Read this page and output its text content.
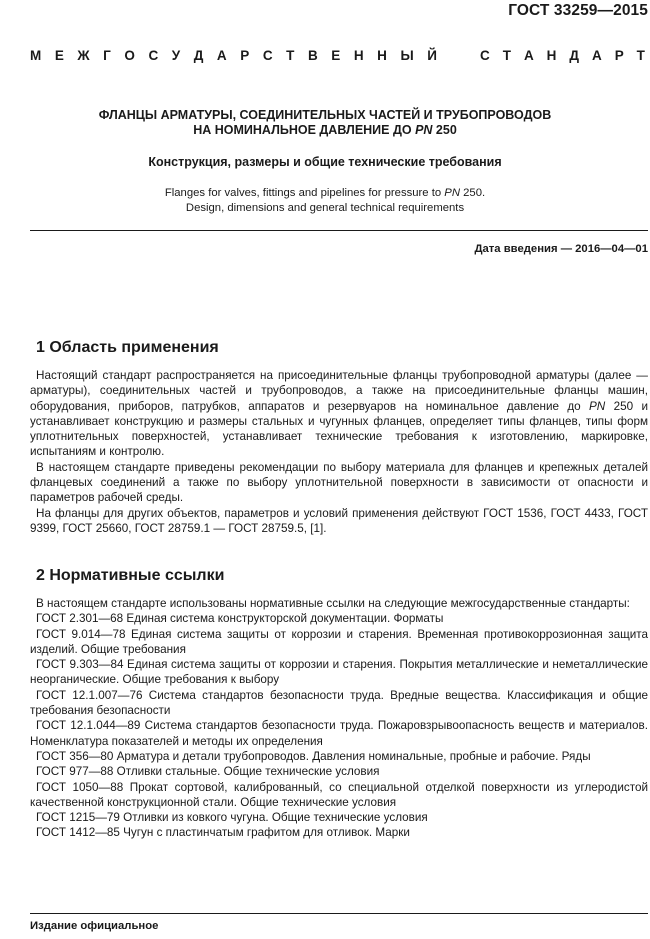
ГОСТ 33259—2015
М Е Ж Г О С У Д А Р С Т В Е Н Н Ы Й	С Т А Н Д А Р Т
ФЛАНЦЫ АРМАТУРЫ, СОЕДИНИТЕЛЬНЫХ ЧАСТЕЙ И ТРУБОПРОВОДОВ
НА НОМИНАЛЬНОЕ ДАВЛЕНИЕ ДО PN 250
Конструкция, размеры и общие технические требования
Flanges for valves, fittings and pipelines for pressure to PN 250.
Design, dimensions and general technical requirements
Дата введения — 2016—04—01
1 Область применения

Настоящий стандарт распространяется на присоединительные фланцы трубопроводной арматуры (далее — арматуры), соединительных частей и трубопроводов, а также на присоединительные фланцы машин, оборудования, приборов, патрубков, аппаратов и резервуаров на номинальное давление до PN 250 и устанавливает конструкцию и размеры стальных и чугунных фланцев, определяет типы фланцев, типы форм уплотнительных поверхностей, устанавливает технические требования к изготовлению, маркировке, испытаниям и контролю.

В настоящем стандарте приведены рекомендации по выбору материала для фланцев и крепежных деталей фланцевых соединений а также по выбору уплотнительной поверхности в зависимости от опасности и параметров рабочей среды.

На фланцы для других объектов, параметров и условий применения действуют ГОСТ 1536, ГОСТ 4433, ГОСТ 9399, ГОСТ 25660, ГОСТ 28759.1 — ГОСТ 28759.5, [1].

2 Нормативные ссылки

В настоящем стандарте использованы нормативные ссылки на следующие межгосударственные стандарты:

ГОСТ 2.301—68 Единая система конструкторской документации. Форматы

ГОСТ 9.014—78 Единая система защиты от коррозии и старения. Временная противокоррозионная защита изделий. Общие требования

ГОСТ 9.303—84 Единая система защиты от коррозии и старения. Покрытия металлические и неметаллические неорганические. Общие требования к выбору

ГОСТ 12.1.007—76 Система стандартов безопасности труда. Вредные вещества. Классификация и общие требования безопасности

ГОСТ 12.1.044—89 Система стандартов безопасности труда. Пожаровзрывоопасность веществ и материалов. Номенклатура показателей и методы их определения

ГОСТ 356—80 Арматура и детали трубопроводов. Давления номинальные, пробные и рабочие. Ряды

ГОСТ 977—88 Отливки стальные. Общие технические условия

ГОСТ 1050—88 Прокат сортовой, калиброванный, со специальной отделкой поверхности из углеродистой качественной конструкционной стали. Общие технические условия

ГОСТ 1215—79 Отливки из ковкого чугуна. Общие технические условия

ГОСТ 1412—85 Чугун с пластинчатым графитом для отливок. Марки

Издание официальное
